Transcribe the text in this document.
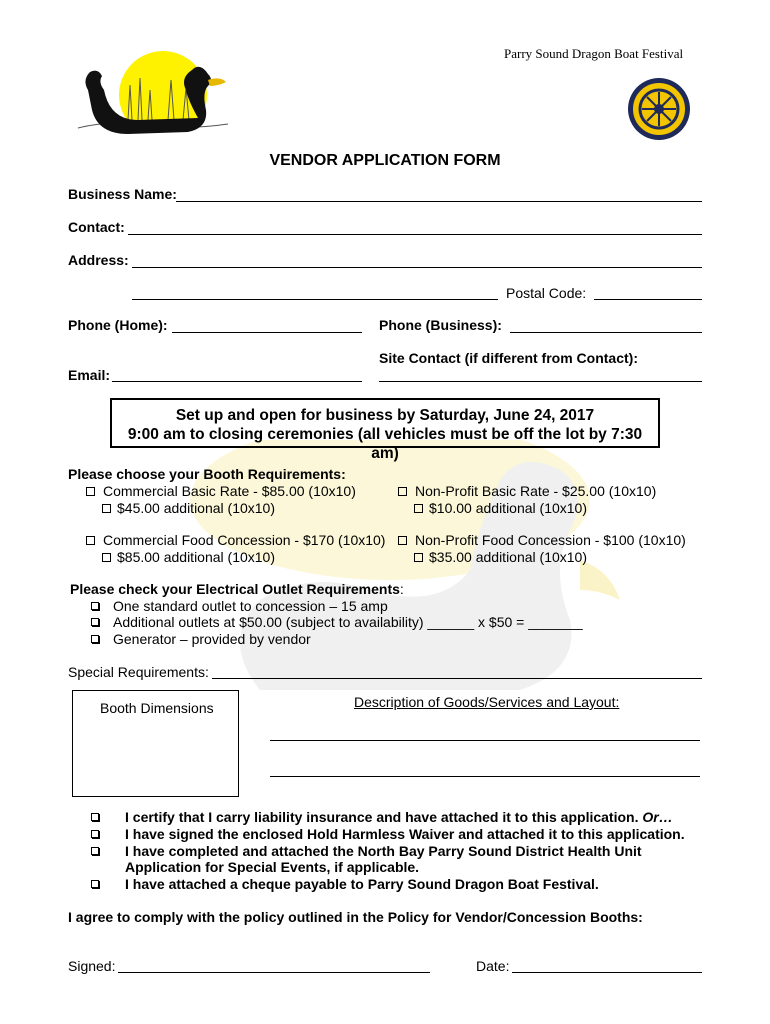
Parry Sound Dragon Boat Festival
VENDOR APPLICATION FORM
Business Name:
Contact:
Address:
Postal Code:
Phone (Home):	Phone (Business):
Site Contact (if different from Contact):
Email:
Set up and open for business by Saturday, June 24, 2017
9:00 am to closing ceremonies (all vehicles must be off the lot by 7:30 am)
Please choose your Booth Requirements:
Commercial Basic Rate - $85.00 (10x10)
$45.00 additional (10x10)
Non-Profit Basic Rate - $25.00 (10x10)
$10.00 additional (10x10)
Commercial Food Concession - $170 (10x10)
$85.00 additional (10x10)
Non-Profit Food Concession - $100 (10x10)
$35.00 additional (10x10)
Please check your Electrical Outlet Requirements:
One standard outlet to concession – 15 amp
Additional outlets at $50.00 (subject to availability) ______ x $50 = _______
Generator – provided by vendor
Special Requirements:
Booth Dimensions	Description of Goods/Services and Layout:
I certify that I carry liability insurance and have attached it to this application. Or…
I have signed the enclosed Hold Harmless Waiver and attached it to this application.
I have completed and attached the North Bay Parry Sound District Health Unit
Application for Special Events, if applicable.
I have attached a cheque payable to Parry Sound Dragon Boat Festival.
I agree to comply with the policy outlined in the Policy for Vendor/Concession Booths:
Signed:	Date:
